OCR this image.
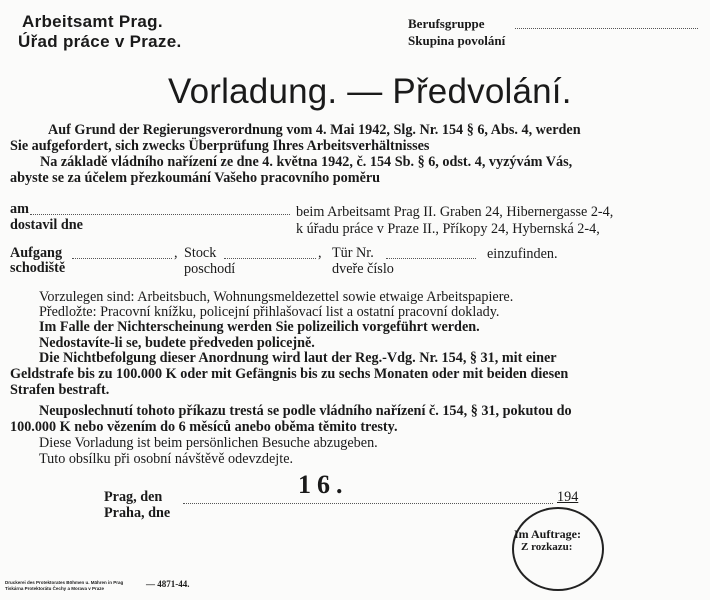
Arbeitsamt Prag.
Úřad práce v Praze.
Berufsgruppe
Skupina povolání
Vorladung. — Předvolání.
Auf Grund der Regierungsverordnung vom 4. Mai 1942, Slg. Nr. 154 § 6, Abs. 4, werden
Sie aufgefordert, sich zwecks Überprüfung Ihres Arbeitsverhältnisses
Na základě vládního nařízení ze dne 4. května 1942, č. 154 Sb. § 6, odst. 4, vyzývám Vás,
abyste se za účelem přezkoumání Vašeho pracovního poměru
am
dostavil dne
beim Arbeitsamt Prag II. Graben 24, Hibernergasse 2-4,
k úřadu práce v Praze II., Příkopy 24, Hybernská 2-4,
Aufgang	,
schodiště
Stock	,
poschodí
Tür Nr.
dveře číslo
einzufinden.
Vorzulegen sind: Arbeitsbuch, Wohnungsmeldezettel sowie etwaige Arbeitspapiere.
Předložte: Pracovní knížku, policejní přihlašovací list a ostatní pracovní doklady.
Im Falle der Nichterscheinung werden Sie polizeilich vorgeführt werden.
Nedostavíte-li se, budete předveden policejně.
Die Nichtbefolgung dieser Anordnung wird laut der Reg.-Vdg. Nr. 154, § 31, mit einer
Geldstrafe bis zu 100.000 K oder mit Gefängnis bis zu sechs Monaten oder mit beiden diesen
Strafen bestraft.
Neuposlechnutí tohoto příkazu trestá se podle vládního nařízení č. 154, § 31, pokutou do
100.000 K nebo vězením do 6 měsíců anebo oběma těmito tresty.
Diese Vorladung ist beim persönlichen Besuche abzugeben.
Tuto obsílku při osobní návštěvě odevzdejte.
Prag, den
Praha, dne
16.	194
Im Auftrage:
Z rozkazu:
Druckerei des Protektorates Böhmen u. Mähren in Prag
Tiskárna Protektorátu Čechy a Morava v Praze	— 4871-44.
